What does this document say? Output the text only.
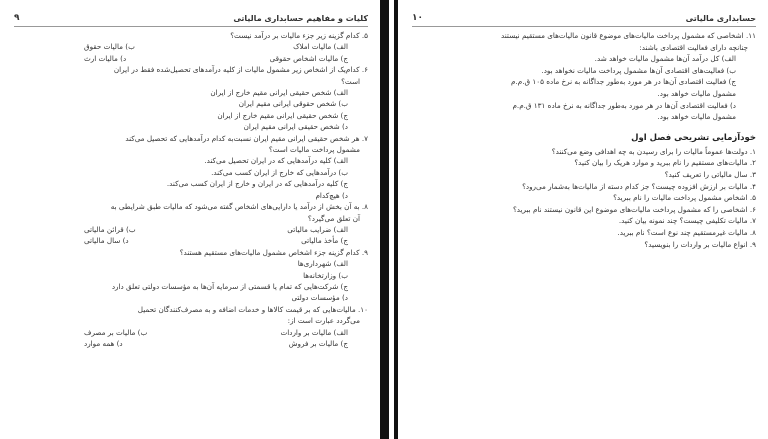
کلیات و مفاهیم حسابداری مالیاتی
۹
۵. کدام گزینه زیر جزء مالیات بر درآمد نیست؟
الف) مالیات املاک
ب) مالیات حقوق
ج) مالیات اشخاص حقوقی
د) مالیات ارث
۶. کدام‌یک از اشخاص زیر مشمول مالیات از کلیه درآمدهای تحصیل‌شده فقط در ایران
است؟
الف) شخص حقیقی ایرانی مقیم خارج از ایران
ب) شخص حقوقی ایرانی مقیم ایران
ج) شخص حقیقی ایرانی مقیم خارج از ایران
د) شخص حقیقی ایرانی مقیم ایران
۷. هر شخص حقیقی ایرانی مقیم ایران نسبت‌به کدام درآمدهایی که تحصیل می‌کند
مشمول پرداخت مالیات است؟
الف) کلیه درآمدهایی که در ایران تحصیل می‌کند.
ب) درآمدهایی که خارج از ایران کسب می‌کند.
ج) کلیه درآمدهایی که در ایران و خارج از ایران کسب می‌کند.
د) هیچ‌کدام
۸. به آن بخش از درآمد یا دارایی‌های اشخاص گفته می‌شود که مالیات طبق شرایطی به
آن تعلق می‌گیرد؟
الف) ضرایب مالیاتی
ب) قرائن مالیاتی
ج) مأخذ مالیاتی
د) سال مالیاتی
۹. کدام گزینه جزء اشخاص مشمول مالیات‌های مستقیم هستند؟
الف) شهرداری‌ها
ب) وزارتخانه‌ها
ج) شرکت‌هایی که تمام یا قسمتی از سرمایه آن‌ها به مؤسسات دولتی تعلق دارد
د) مؤسسات دولتی
۱۰. مالیات‌هایی که بر قیمت کالاها و خدمات اضافه و به مصرف‌کنندگان تحمیل
می‌گردد عبارت است از:
الف) مالیات بر واردات
ب) مالیات بر مصرف
ج) مالیات بر فروش
د) همه موارد
حسابداری مالیاتی
۱۰
۱۱. اشخاصی که مشمول پرداخت مالیات‌های موضوع قانون مالیات‌های مستقیم نیستند
چنانچه دارای فعالیت اقتصادی باشند:
الف) کل درآمد آن‌ها مشمول مالیات خواهد شد.
ب) فعالیت‌های اقتصادی آن‌ها مشمول پرداخت مالیات نخواهد بود.
ج) فعالیت اقتصادی آن‌ها در هر مورد به‌طور جداگانه به نرخ ماده ۱۰۵ ق.م.م
مشمول مالیات خواهد بود.
د) فعالیت اقتصادی آن‌ها در هر مورد به‌طور جداگانه به نرخ ماده ۱۳۱ ق.م.م
مشمول مالیات خواهد بود.
خودآزمایی تشریحی فصل اول
۱. دولت‌ها عموماً مالیات را برای رسیدن به چه اهدافی وضع می‌کنند؟
۲. مالیات‌های مستقیم را نام ببرید و موارد هریک را بیان کنید؟
۳. سال مالیاتی را تعریف کنید؟
۴. مالیات بر ارزش افزوده چیست؟ جز کدام دسته از مالیات‌ها به‌شمار می‌رود؟
۵. اشخاص مشمول پرداخت مالیات را نام ببرید؟
۶. اشخاصی را که مشمول پرداخت مالیات‌های موضوع این قانون نیستند نام ببرید؟
۷. مالیات تکلیفی چیست؟ چند نمونه بیان کنید.
۸. مالیات غیرمستقیم چند نوع است؟ نام ببرید.
۹. انواع مالیات بر واردات را بنویسید؟
